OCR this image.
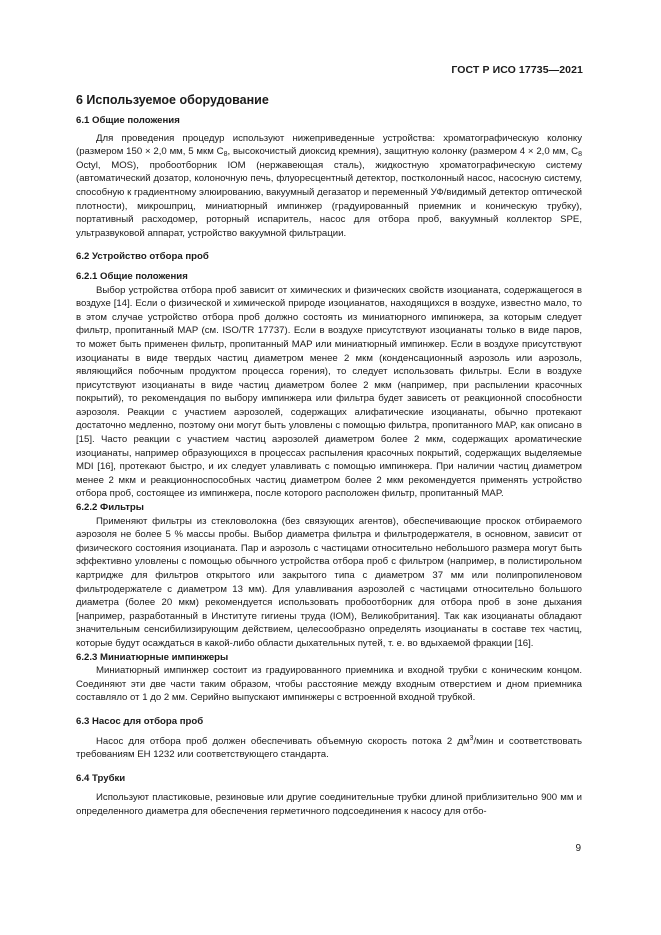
ГОСТ Р ИСО 17735—2021
6 Используемое оборудование
6.1 Общие положения

Для проведения процедур используют нижеприведенные устройства: хроматографическую колонку (размером 150 × 2,0 мм, 5 мкм $C_8$, высокочистый диоксид кремния), защитную колонку (размером 4 × 2,0 мм, $C_8$ Octyl, MOS), пробоотборник IOM (нержавеющая сталь), жидкостную хроматографическую систему (автоматический дозатор, колоночную печь, флуоресцентный детектор, постколонный насос, насосную систему, способную к градиентному элюированию, вакуумный дегазатор и переменный УФ/видимый детектор оптической плотности), микрошприц, миниатюрный импинжер (градуированный приемник и коническую трубку), портативный расходомер, роторный испаритель, насос для отбора проб, вакуумный коллектор SPE, ультразвуковой аппарат, устройство вакуумной фильтрации.

6.2 Устройство отбора проб
6.2.1 Общие положения

Выбор устройства отбора проб зависит от химических и физических свойств изоцианата, содержащегося в воздухе [14]. Если о физической и химической природе изоцианатов, находящихся в воздухе, известно мало, то в этом случае устройство отбора проб должно состоять из миниатюрного импинжера, за которым следует фильтр, пропитанный MAP (см. ISO/TR 17737). Если в воздухе присутствуют изоцианаты только в виде паров, то может быть применен фильтр, пропитанный MAP или миниатюрный импинжер. Если в воздухе присутствуют изоцианаты в виде твердых частиц диаметром менее 2 мкм (конденсационный аэрозоль или аэрозоль, являющийся побочным продуктом процесса горения), то следует использовать фильтры. Если в воздухе присутствуют изоцианаты в виде частиц диаметром более 2 мкм (например, при распылении красочных покрытий), то рекомендация по выбору импинжера или фильтра будет зависеть от реакционной способности аэрозоля. Реакции с участием аэрозолей, содержащих алифатические изоцианаты, обычно протекают достаточно медленно, поэтому они могут быть уловлены с помощью фильтра, пропитанного MAP, как описано в [15]. Часто реакции с участием частиц аэрозолей диаметром более 2 мкм, содержащих ароматические изоцианаты, например образующихся в процессах распыления красочных покрытий, содержащих выделяемые MDI [16], протекают быстро, и их следует улавливать с помощью импинжера. При наличии частиц диаметром менее 2 мкм и реакционноспособных частиц диаметром более 2 мкм рекомендуется применять устройство отбора проб, состоящее из импинжера, после которого расположен фильтр, пропитанный MAP.

6.2.2 Фильтры

Применяют фильтры из стекловолокна (без связующих агентов), обеспечивающие проскок отбираемого аэрозоля не более 5 % массы пробы. Выбор диаметра фильтра и фильтродержателя, в основном, зависит от физического состояния изоцианата. Пар и аэрозоль с частицами относительно небольшого размера могут быть эффективно уловлены с помощью обычного устройства отбора проб с фильтром (например, в полистирольном картридже для фильтров открытого или закрытого типа с диаметром 37 мм или полипропиленовом фильтродержателе с диаметром 13 мм). Для улавливания аэрозолей с частицами относительно большого диаметра (более 20 мкм) рекомендуется использовать пробоотборник для отбора проб в зоне дыхания [например, разработанный в Институте гигиены труда (IOM), Великобритания]. Так как изоцианаты обладают значительным сенсибилизирующим действием, целесообразно определять изоцианаты в составе тех частиц, которые будут осаждаться в какой-либо области дыхательных путей, т. е. во вдыхаемой фракции [16].

6.2.3 Миниатюрные импинжеры

Миниатюрный импинжер состоит из градуированного приемника и входной трубки с коническим концом. Соединяют эти две части таким образом, чтобы расстояние между входным отверстием и дном приемника составляло от 1 до 2 мм. Серийно выпускают импинжеры с встроенной входной трубкой.

6.3 Насос для отбора проб

Насос для отбора проб должен обеспечивать объемную скорость потока 2 $дм^3$/мин и соответствовать требованиям ЕН 1232 или соответствующего стандарта.

6.4 Трубки

Используют пластиковые, резиновые или другие соединительные трубки длиной приблизительно 900 мм и определенного диаметра для обеспечения герметичного подсоединения к насосу для отбо-

9
